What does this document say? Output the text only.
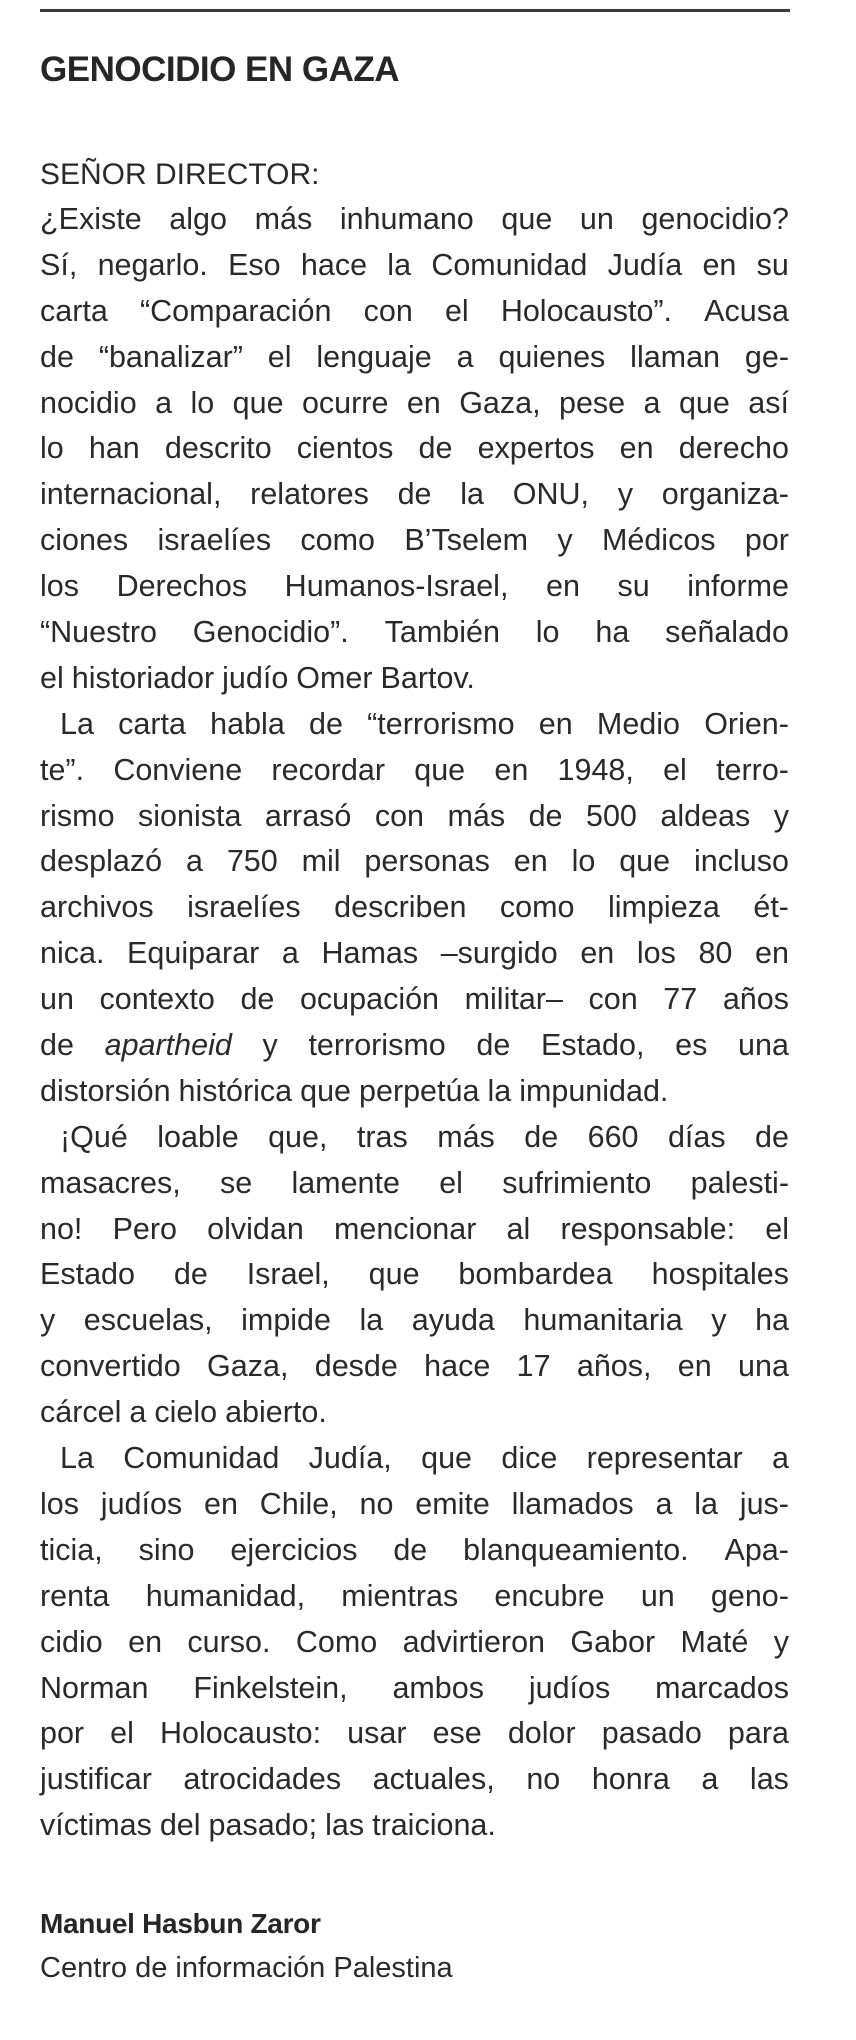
GENOCIDIO EN GAZA

SEÑOR DIRECTOR:

¿Existe algo más inhumano que un genocidio?
Sí, negarlo. Eso hace la Comunidad Judía en su
carta “Comparación con el Holocausto”. Acusa
de “banalizar” el lenguaje a quienes llaman ge-
nocidio a lo que ocurre en Gaza, pese a que así
lo han descrito cientos de expertos en derecho
internacional, relatores de la ONU, y organiza-
ciones israelíes como B’Tselem y Médicos por
los Derechos Humanos-Israel, en su informe
“Nuestro Genocidio”. También lo ha señalado
el historiador judío Omer Bartov.
La carta habla de “terrorismo en Medio Orien-
te”. Conviene recordar que en 1948, el terro-
rismo sionista arrasó con más de 500 aldeas y
desplazó a 750 mil personas en lo que incluso
archivos israelíes describen como limpieza ét-
nica. Equiparar a Hamas –surgido en los 80 en
un contexto de ocupación militar– con 77 años
de apartheid y terrorismo de Estado, es una
distorsión histórica que perpetúa la impunidad.
¡Qué loable que, tras más de 660 días de
masacres, se lamente el sufrimiento palesti-
no! Pero olvidan mencionar al responsable: el
Estado de Israel, que bombardea hospitales
y escuelas, impide la ayuda humanitaria y ha
convertido Gaza, desde hace 17 años, en una
cárcel a cielo abierto.
La Comunidad Judía, que dice representar a
los judíos en Chile, no emite llamados a la jus-
ticia, sino ejercicios de blanqueamiento. Apa-
renta humanidad, mientras encubre un geno-
cidio en curso. Como advirtieron Gabor Maté y
Norman Finkelstein, ambos judíos marcados
por el Holocausto: usar ese dolor pasado para
justificar atrocidades actuales, no honra a las
víctimas del pasado; las traiciona.

Manuel Hasbun Zaror

Centro de información Palestina
